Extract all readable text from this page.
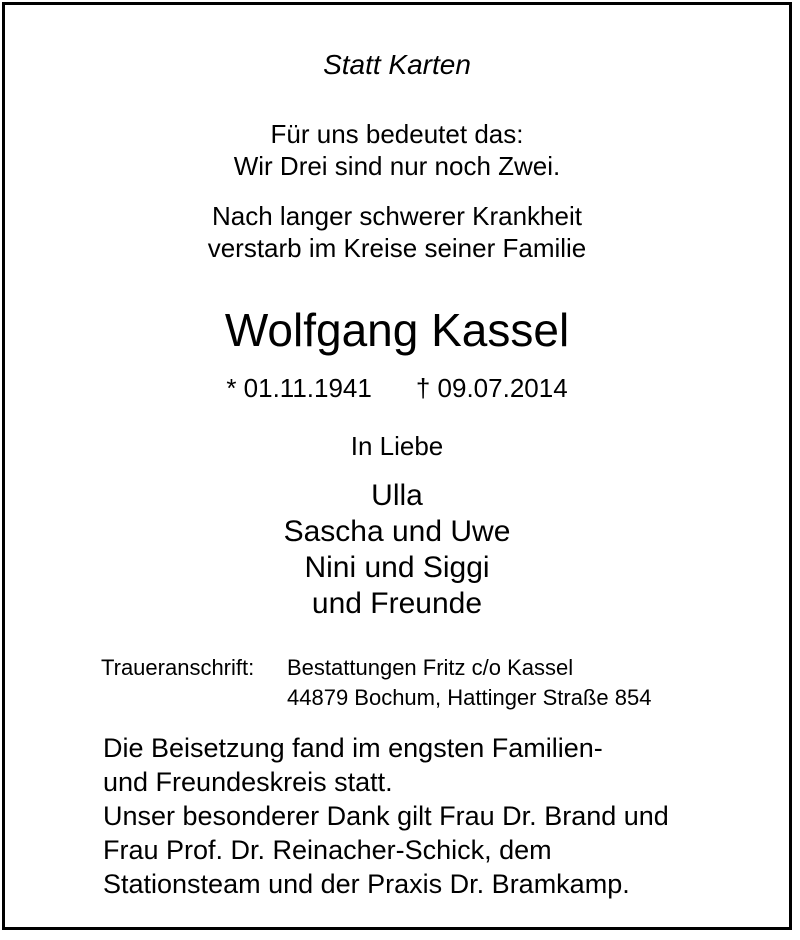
Statt Karten
Für uns bedeutet das:
Wir Drei sind nur noch Zwei.
Nach langer schwerer Krankheit
verstarb im Kreise seiner Familie
Wolfgang Kassel
* 01.11.1941 † 09.07.2014
In Liebe
Ulla
Sascha und Uwe
Nini und Siggi
und Freunde
Traueranschrift: Bestattungen Fritz c/o Kassel
44879 Bochum, Hattinger Straße 854
Die Beisetzung fand im engsten Familien-
und Freundeskreis statt.
Unser besonderer Dank gilt Frau Dr. Brand und
Frau Prof. Dr. Reinacher-Schick, dem
Stationsteam und der Praxis Dr. Bramkamp.
